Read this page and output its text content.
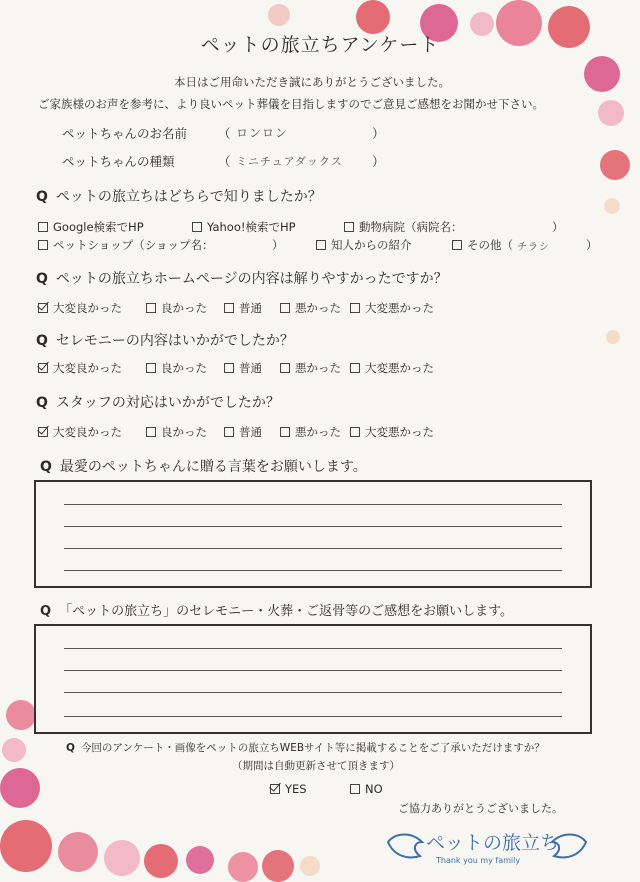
ペットの旅立ちアンケート
本日はご用命いただき誠にありがとうございました。
ご家族様のお声を参考に、より良いペット葬儀を目指しますのでご意見ご感想をお聞かせ下さい。
ペットちゃんのお名前 （ ロンロン	）
ペットちゃんの種類	（ ミニチュアダックス ）
Q ペットの旅立ちはどちらで知りましたか？
Google検索でHP	Yahoo!検索でHP	動物病院（病院名：	）
ペットショップ（ショップ名：	）	知人からの紹介	その他（ チラシ	）
Q ペットの旅立ちホームページの内容は解りやすかったですか？
大変良かった	良かった	普通	悪かった 大変悪かった
Q セレモニーの内容はいかがでしたか？
大変良かった	良かった	普通	悪かった 大変悪かった
Q スタッフの対応はいかがでしたか？
大変良かった	良かった	普通	悪かった 大変悪かった
Q 最愛のペットちゃんに贈る言葉をお願いします。
Q 「ペットの旅立ち」のセレモニー・火葬・ご返骨等のご感想をお願いします。
Q 今回のアンケート・画像をペットの旅立ちWEBサイト等に掲載することをご了承いただけますか？
（期間は自動更新させて頂きます）
YES	NO
ご協力ありがとうございました。
ペットの旅立ち
Thank you my family
